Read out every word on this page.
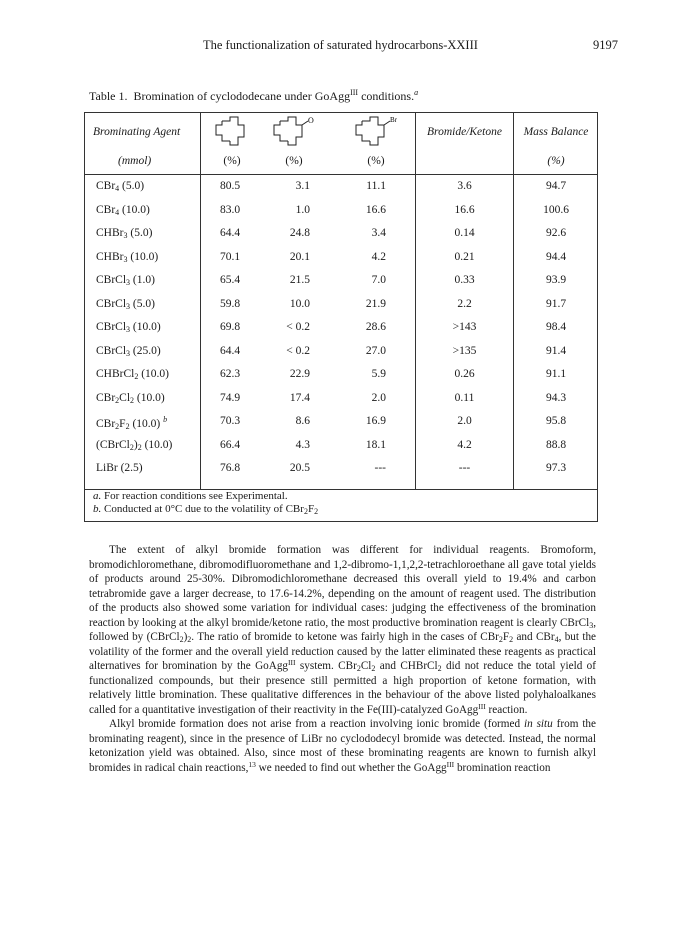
The functionalization of saturated hydrocarbons-XXIII	9197
Table 1. Bromination of cyclododecane under GoAgg$^{III}$ conditions.$^a$
Brominating Agent
(mmol)
O	Br
(%)	(%)	(%)
Bromide/Ketone	Mass Balance
(%)
CBr$_4$ (5.0)	80.5	3.1	11.1	3.6	94.7
CBr$_4$ (10.0)	83.0	1.0	16.6	16.6	100.6
CHBr$_3$ (5.0)	64.4	24.8	3.4	0.14	92.6
CHBr$_3$ (10.0)	70.1	20.1	4.2	0.21	94.4
CBrCl$_3$ (1.0)	65.4	21.5	7.0	0.33	93.9
CBrCl$_3$ (5.0)	59.8	10.0	21.9	2.2	91.7
CBrCl$_3$ (10.0)	69.8	< 0.2	28.6	>143	98.4
CBrCl$_3$ (25.0)	64.4	< 0.2	27.0	>135	91.4
CHBrCl$_2$ (10.0)	62.3	22.9	5.9	0.26	91.1
$CBr_2Cl_2$ (10.0)	74.9	17.4	2.0	0.11	94.3
$CBr_2F_2$ (10.0) $^b$	70.3	8.6	16.9	2.0	95.8
$(CBrCl_2)_2$ (10.0)	66.4	4.3	18.1	4.2	88.8
LiBr (2.5)	76.8	20.5	---	---	97.3
a. For reaction conditions see Experimental.
b. Conducted at 0°C due to the volatility of $CBr_2F_2$

The extent of alkyl bromide formation was different for individual reagents. Bromoform, bromodichloromethane, dibromodifluoromethane and 1,2-dibromo-1,1,2,2-tetrachloroethane all gave total yields of products around 25-30%. Dibromodichloromethane decreased this overall yield to 19.4% and carbon tetrabromide gave a larger decrease, to 17.6-14.2%, depending on the amount of reagent used. The distribution of the products also showed some variation for individual cases: judging the effectiveness of the bromination reaction by looking at the alkyl bromide/ketone ratio, the most productive bromination reagent is clearly CBrCl$_3$, followed by $(CBrCl_2)_2$. The ratio of bromide to ketone was fairly high in the cases of $CBr_2F_2$ and CBr$_4$, but the volatility of the former and the overall yield reduction caused by the latter eliminated these reagents as practical alternatives for bromination by the GoAgg$^{III}$ system. $CBr_2Cl_2$ and CHBrCl$_2$ did not reduce the total yield of functionalized compounds, but their presence still permitted a high proportion of ketone formation, with relatively little bromination. These qualitative differences in the behaviour of the above listed polyhaloalkanes called for a quantitative investigation of their reactivity in the Fe(III)-catalyzed GoAgg$^{III}$ reaction.

Alkyl bromide formation does not arise from a reaction involving ionic bromide (formed in situ from the brominating reagent), since in the presence of LiBr no cyclododecyl bromide was detected. Instead, the normal ketonization yield was obtained. Also, since most of these brominating reagents are known to furnish alkyl bromides in radical chain reactions,$^{13}$ we needed to find out whether the GoAgg$^{III}$ bromination reaction
